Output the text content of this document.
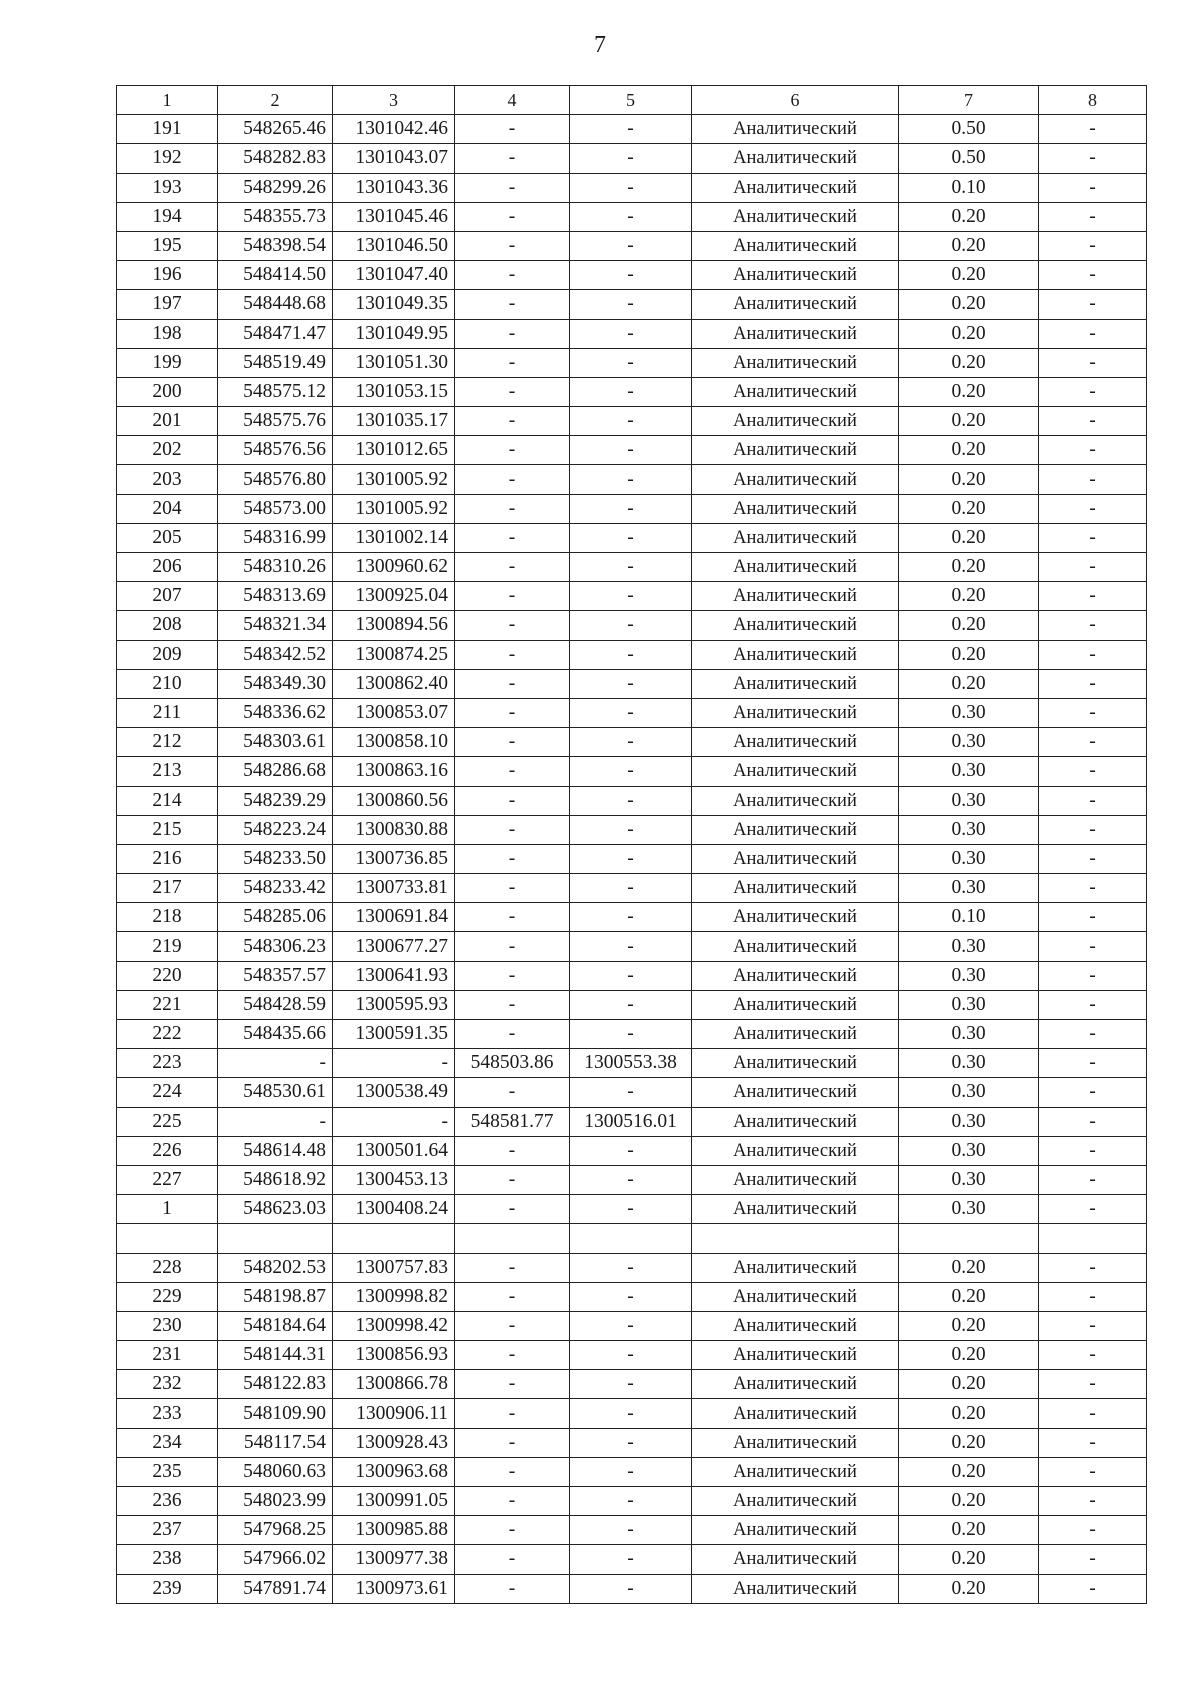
7
1	2	3	4	5	6	7	8
191	548265.46	1301042.46	-	-	Аналитический	0.50	-
192	548282.83	1301043.07	-	-	Аналитический	0.50	-
193	548299.26	1301043.36	-	-	Аналитический	0.10	-
194	548355.73	1301045.46	-	-	Аналитический	0.20	-
195	548398.54	1301046.50	-	-	Аналитический	0.20	-
196	548414.50	1301047.40	-	-	Аналитический	0.20	-
197	548448.68	1301049.35	-	-	Аналитический	0.20	-
198	548471.47	1301049.95	-	-	Аналитический	0.20	-
199	548519.49	1301051.30	-	-	Аналитический	0.20	-
200	548575.12	1301053.15	-	-	Аналитический	0.20	-
201	548575.76	1301035.17	-	-	Аналитический	0.20	-
202	548576.56	1301012.65	-	-	Аналитический	0.20	-
203	548576.80	1301005.92	-	-	Аналитический	0.20	-
204	548573.00	1301005.92	-	-	Аналитический	0.20	-
205	548316.99	1301002.14	-	-	Аналитический	0.20	-
206	548310.26	1300960.62	-	-	Аналитический	0.20	-
207	548313.69	1300925.04	-	-	Аналитический	0.20	-
208	548321.34	1300894.56	-	-	Аналитический	0.20	-
209	548342.52	1300874.25	-	-	Аналитический	0.20	-
210	548349.30	1300862.40	-	-	Аналитический	0.20	-
211	548336.62	1300853.07	-	-	Аналитический	0.30	-
212	548303.61	1300858.10	-	-	Аналитический	0.30	-
213	548286.68	1300863.16	-	-	Аналитический	0.30	-
214	548239.29	1300860.56	-	-	Аналитический	0.30	-
215	548223.24	1300830.88	-	-	Аналитический	0.30	-
216	548233.50	1300736.85	-	-	Аналитический	0.30	-
217	548233.42	1300733.81	-	-	Аналитический	0.30	-
218	548285.06	1300691.84	-	-	Аналитический	0.10	-
219	548306.23	1300677.27	-	-	Аналитический	0.30	-
220	548357.57	1300641.93	-	-	Аналитический	0.30	-
221	548428.59	1300595.93	-	-	Аналитический	0.30	-
222	548435.66	1300591.35	-	-	Аналитический	0.30	-
223	-	-	548503.86	1300553.38	Аналитический	0.30	-
224	548530.61	1300538.49	-	-	Аналитический	0.30	-
225	-	-	548581.77	1300516.01	Аналитический	0.30	-
226	548614.48	1300501.64	-	-	Аналитический	0.30	-
227	548618.92	1300453.13	-	-	Аналитический	0.30	-
1	548623.03	1300408.24	-	-	Аналитический	0.30	-

228	548202.53	1300757.83	-	-	Аналитический	0.20	-
229	548198.87	1300998.82	-	-	Аналитический	0.20	-
230	548184.64	1300998.42	-	-	Аналитический	0.20	-
231	548144.31	1300856.93	-	-	Аналитический	0.20	-
232	548122.83	1300866.78	-	-	Аналитический	0.20	-
233	548109.90	1300906.11	-	-	Аналитический	0.20	-
234	548117.54	1300928.43	-	-	Аналитический	0.20	-
235	548060.63	1300963.68	-	-	Аналитический	0.20	-
236	548023.99	1300991.05	-	-	Аналитический	0.20	-
237	547968.25	1300985.88	-	-	Аналитический	0.20	-
238	547966.02	1300977.38	-	-	Аналитический	0.20	-
239	547891.74	1300973.61	-	-	Аналитический	0.20	-
